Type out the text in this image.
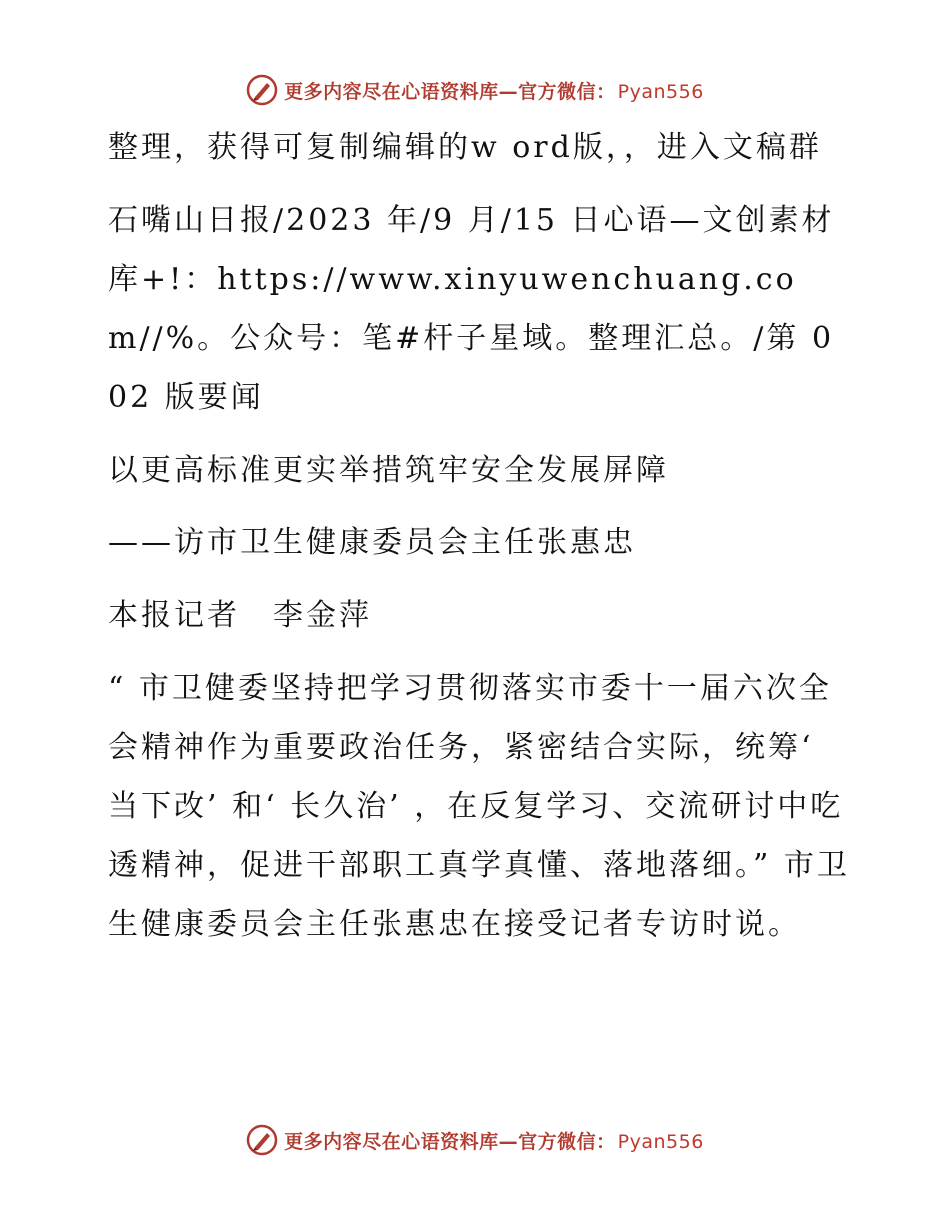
更多内容尽在心语资料库—官方微信： Pyan556

整理，获得可复制编辑的w ord版，，进入文稿群

石嘴山日报/2023 年/9 月/15 日心语—文创素材库+!：https://www.xinyuwenchuang.com//%。公众号：笔#杆子星域。整理汇总。/第 002 版要闻

以更高标准更实举措筑牢安全发展屏障

——访市卫生健康委员会主任张惠忠

本报记者　李金萍

“ 市卫健委坚持把学习贯彻落实市委十一届六次全会精神作为重要政治任务，紧密结合实际，统筹‘ 当下改’ 和‘ 长久治’ ，在反复学习、交流研讨中吃透精神，促进干部职工真学真懂、落地落细。” 市卫生健康委员会主任张惠忠在接受记者专访时说。

更多内容尽在心语资料库—官方微信： Pyan556
